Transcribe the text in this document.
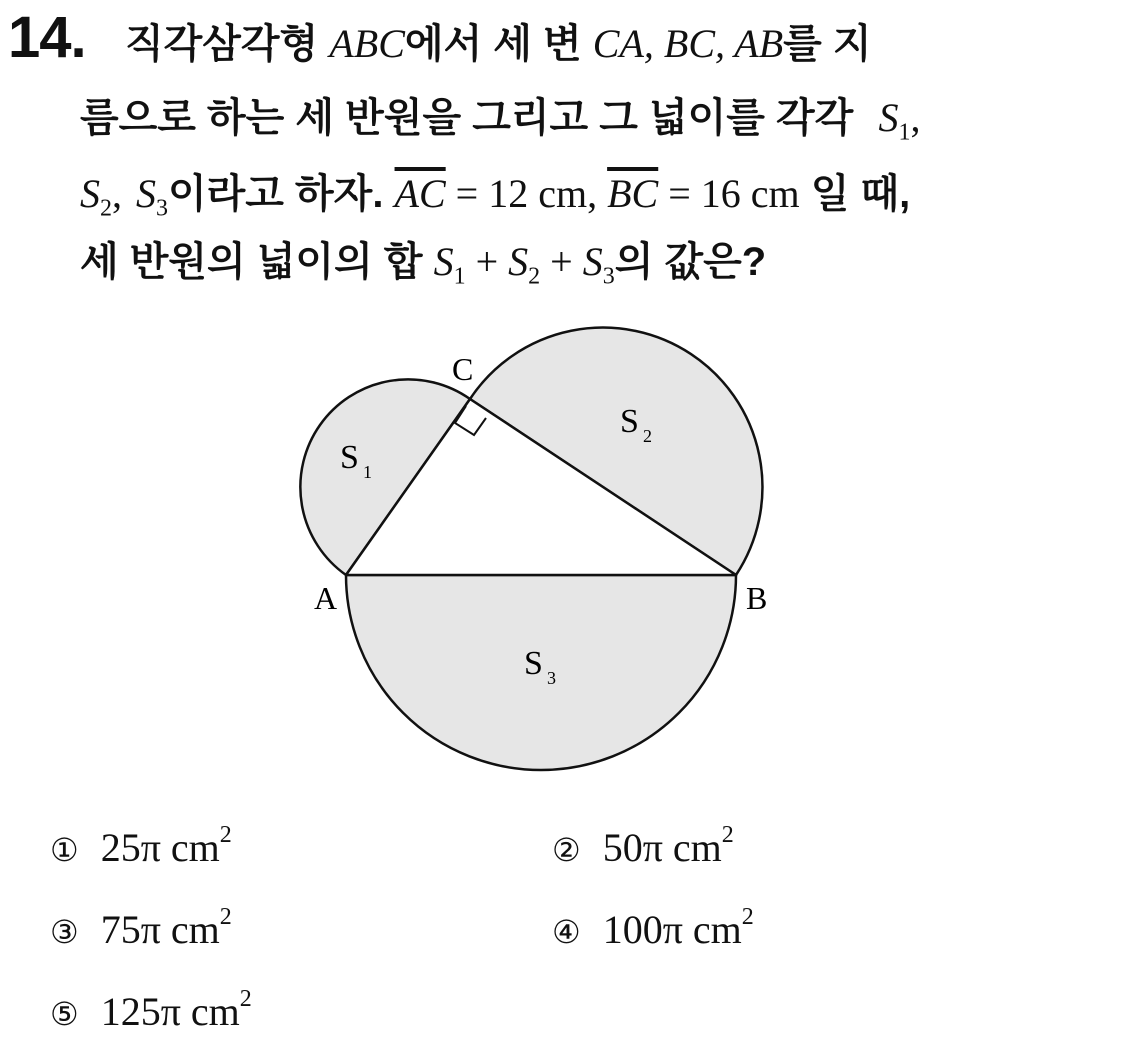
14. 직각삼각형 ABC에서 세 변 CA, BC, AB를 지
름으로 하는 세 반원을 그리고 그 넓이를 각각 $S_1$,
$S_2$, $S_3$이라고 하자. $\overline{AC} = 12$ cm, $\overline{BC} = 16$ cm 일 때,
세 반원의 넓이의 합 $S_1 + S_2 + S_3$의 값은?
C
A	B
S 1
S 2
S 3
① 25π $cm^2$	② 50π $cm^2$
③ 75π $cm^2$	④ 100π $cm^2$
⑤ 125π $cm^2$
